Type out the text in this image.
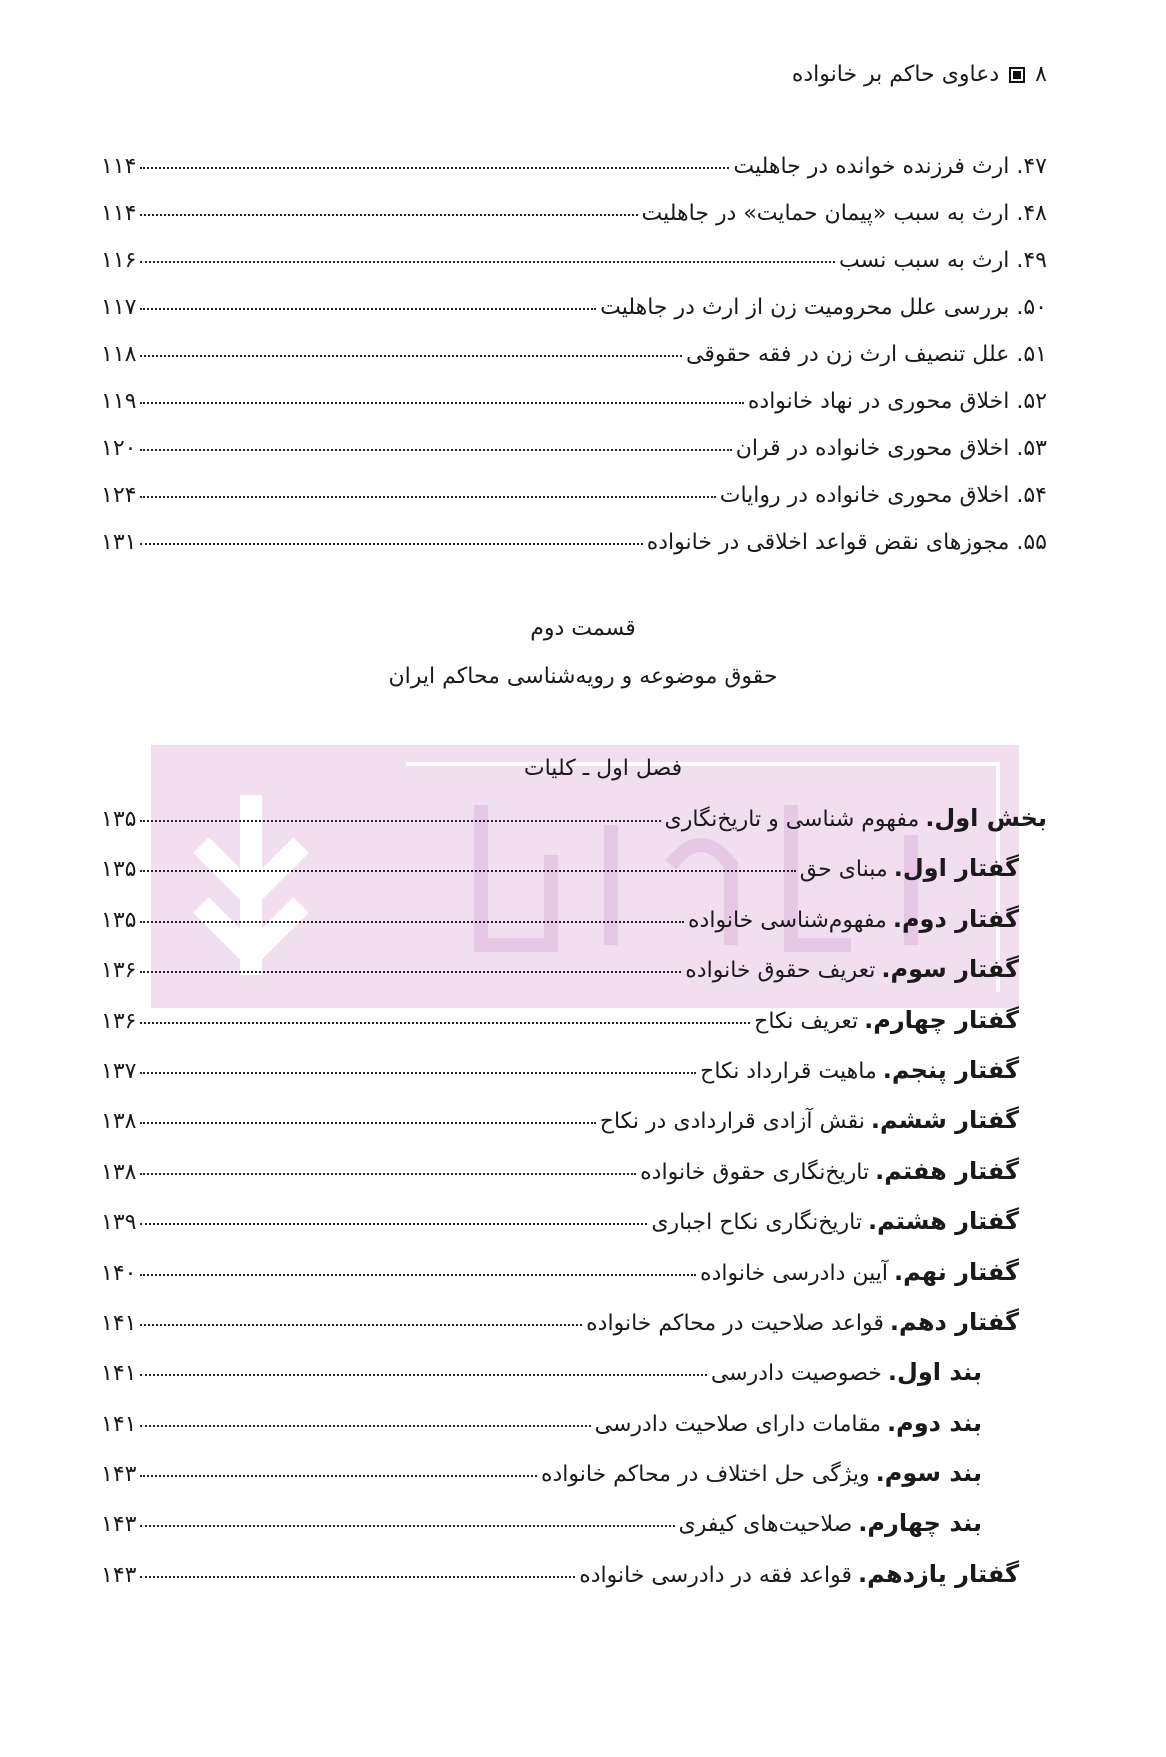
۸
دعاوی حاکم بر خانواده
۴۷. ارث فرزنده خوانده در جاهلیت
۱۱۴
۴۸. ارث به سبب «پیمان حمایت» در جاهلیت
۱۱۴
۴۹. ارث به سبب نسب
۱۱۶
۵۰. بررسی علل محرومیت زن از ارث در جاهلیت
۱۱۷
۵۱. علل تنصیف ارث زن در فقه حقوقی
۱۱۸
۵۲. اخلاق محوری در نهاد خانواده
۱۱۹
۵۳. اخلاق محوری خانواده در قران
۱۲۰
۵۴. اخلاق محوری خانواده در روایات
۱۲۴
۵۵. مجوزهای نقض قواعد اخلاقی در خانواده
۱۳۱
قسمت دوم
حقوق موضوعه و رویه‌شناسی محاکم ایران
فصل اول ـ کلیات
بخش اول.
مفهوم شناسی و تاریخ‌نگاری
۱۳۵
گفتار اول.
مبنای حق
۱۳۵
گفتار دوم.
مفهوم‌شناسی خانواده
۱۳۵
گفتار سوم.
تعریف حقوق خانواده
۱۳۶
گفتار چهارم.
تعریف نکاح
۱۳۶
گفتار پنجم.
ماهیت قرارداد نکاح
۱۳۷
گفتار ششم.
نقش آزادی قراردادی در نکاح
۱۳۸
گفتار هفتم.
تاریخ‌نگاری حقوق خانواده
۱۳۸
گفتار هشتم.
تاریخ‌نگاری نکاح اجباری
۱۳۹
گفتار نهم.
آیین دادرسی خانواده
۱۴۰
گفتار دهم.
قواعد صلاحیت در محاکم خانواده
۱۴۱
بند اول.
خصوصیت دادرسی
۱۴۱
بند دوم.
مقامات دارای صلاحیت دادرسی
۱۴۱
بند سوم.
ویژگی حل اختلاف در محاکم خانواده
۱۴۳
بند چهارم.
صلاحیت‌های کیفری
۱۴۳
گفتار یازدهم.
قواعد فقه در دادرسی خانواده
۱۴۳
